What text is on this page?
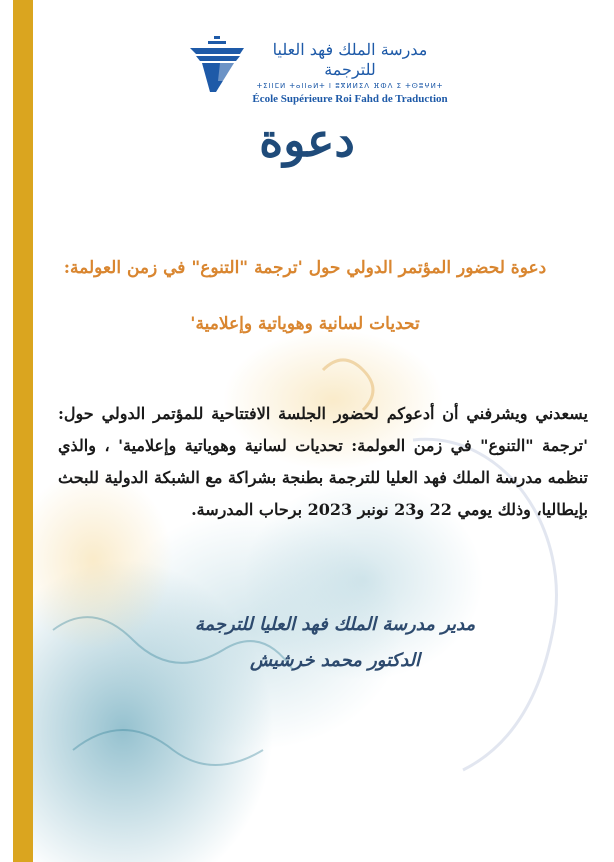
مدرسة الملك فهد العليا للترجمة
ⵜⵉⵏⵏⵎⵍ ⵜⴰⵏⵏⴰⵍⵜ ⵏ ⵓⴳⵍⵍⵉⴷ ⴼⵀⴷ ⵉ ⵜⵙⵓⵖⵍⵜ
École Supérieure Roi Fahd de Traduction
دعوة
دعوة لحضور المؤتمر الدولي حول 'ترجمة "التنوع" في زمن العولمة:
تحديات لسانية وهوياتية وإعلامية'
يسعدني ويشرفني أن أدعوكم لحضور الجلسة الافتتاحية للمؤتمر الدولي حول: 'ترجمة "التنوع" في زمن العولمة: تحديات لسانية وهوياتية وإعلامية' ، والذي تنظمه مدرسة الملك فهد العليا للترجمة بطنجة بشراكة مع الشبكة الدولية للبحث بإيطاليا، وذلك يومي 22 و23 نونبر 2023 برحاب المدرسة.
مدير مدرسة الملك فهد العليا للترجمة
الدكتور محمد خرشيش
